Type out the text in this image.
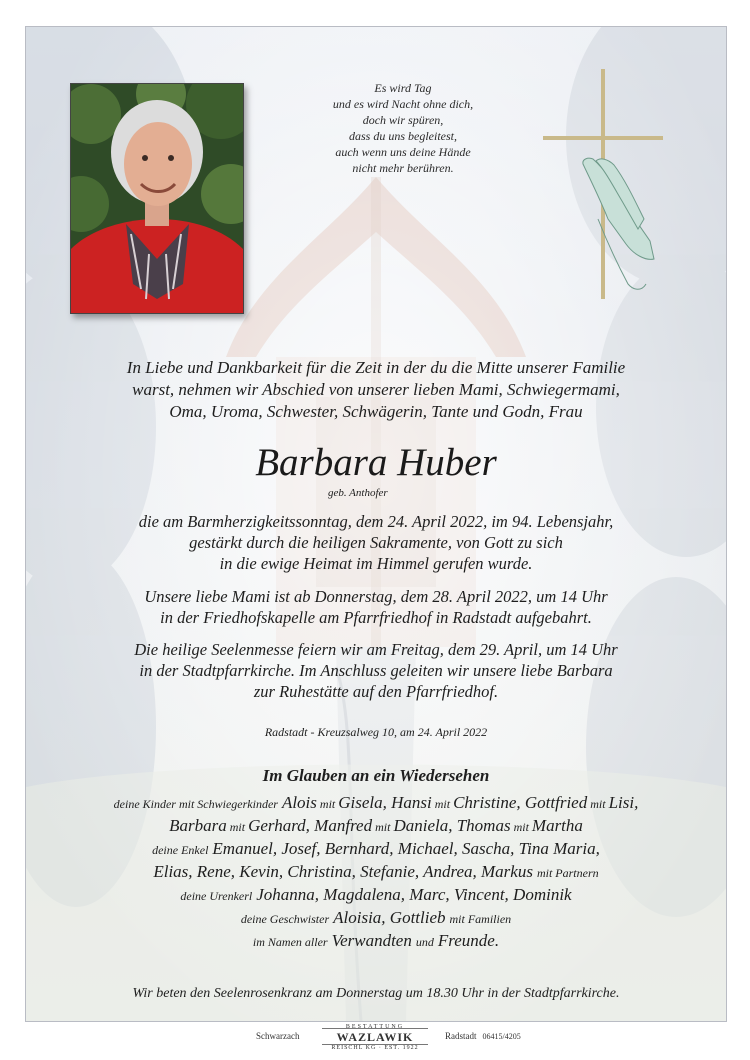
Es wird Tag
und es wird Nacht ohne dich,
doch wir spüren,
dass du uns begleitest,
auch wenn uns deine Hände
nicht mehr berühren.
In Liebe und Dankbarkeit für die Zeit in der du die Mitte unserer Familie
warst, nehmen wir Abschied von unserer lieben Mami, Schwiegermami,
Oma, Uroma, Schwester, Schwägerin, Tante und Godn, Frau
Barbara Huber
geb. Anthofer
die am Barmherzigkeitssonntag, dem 24. April 2022, im 94. Lebensjahr,
gestärkt durch die heiligen Sakramente, von Gott zu sich
in die ewige Heimat im Himmel gerufen wurde.
Unsere liebe Mami ist ab Donnerstag, dem 28. April 2022, um 14 Uhr
in der Friedhofskapelle am Pfarrfriedhof in Radstadt aufgebahrt.
Die heilige Seelenmesse feiern wir am Freitag, dem 29. April, um 14 Uhr
in der Stadtpfarrkirche. Im Anschluss geleiten wir unsere liebe Barbara
zur Ruhestätte auf den Pfarrfriedhof.
Radstadt - Kreuzsalweg 10, am 24. April 2022
Im Glauben an ein Wiedersehen
deine Kinder mit Schwiegerkinder Alois mit Gisela, Hansi mit Christine, Gottfried mit Lisi,
Barbara mit Gerhard, Manfred mit Daniela, Thomas mit Martha
deine Enkel Emanuel, Josef, Bernhard, Michael, Sascha, Tina Maria,
Elias, Rene, Kevin, Christina, Stefanie, Andrea, Markus mit Partnern
deine Urenkerl Johanna, Magdalena, Marc, Vincent, Dominik
deine Geschwister Aloisia, Gottlieb mit Familien
im Namen aller Verwandten und Freunde.
Wir beten den Seelenrosenkranz am Donnerstag um 18.30 Uhr in der Stadtpfarrkirche.
Schwarzach
BESTATTUNG
WAZLAWIK
REISCHL KG · EST. 1922
Radstadt 06415/4205
